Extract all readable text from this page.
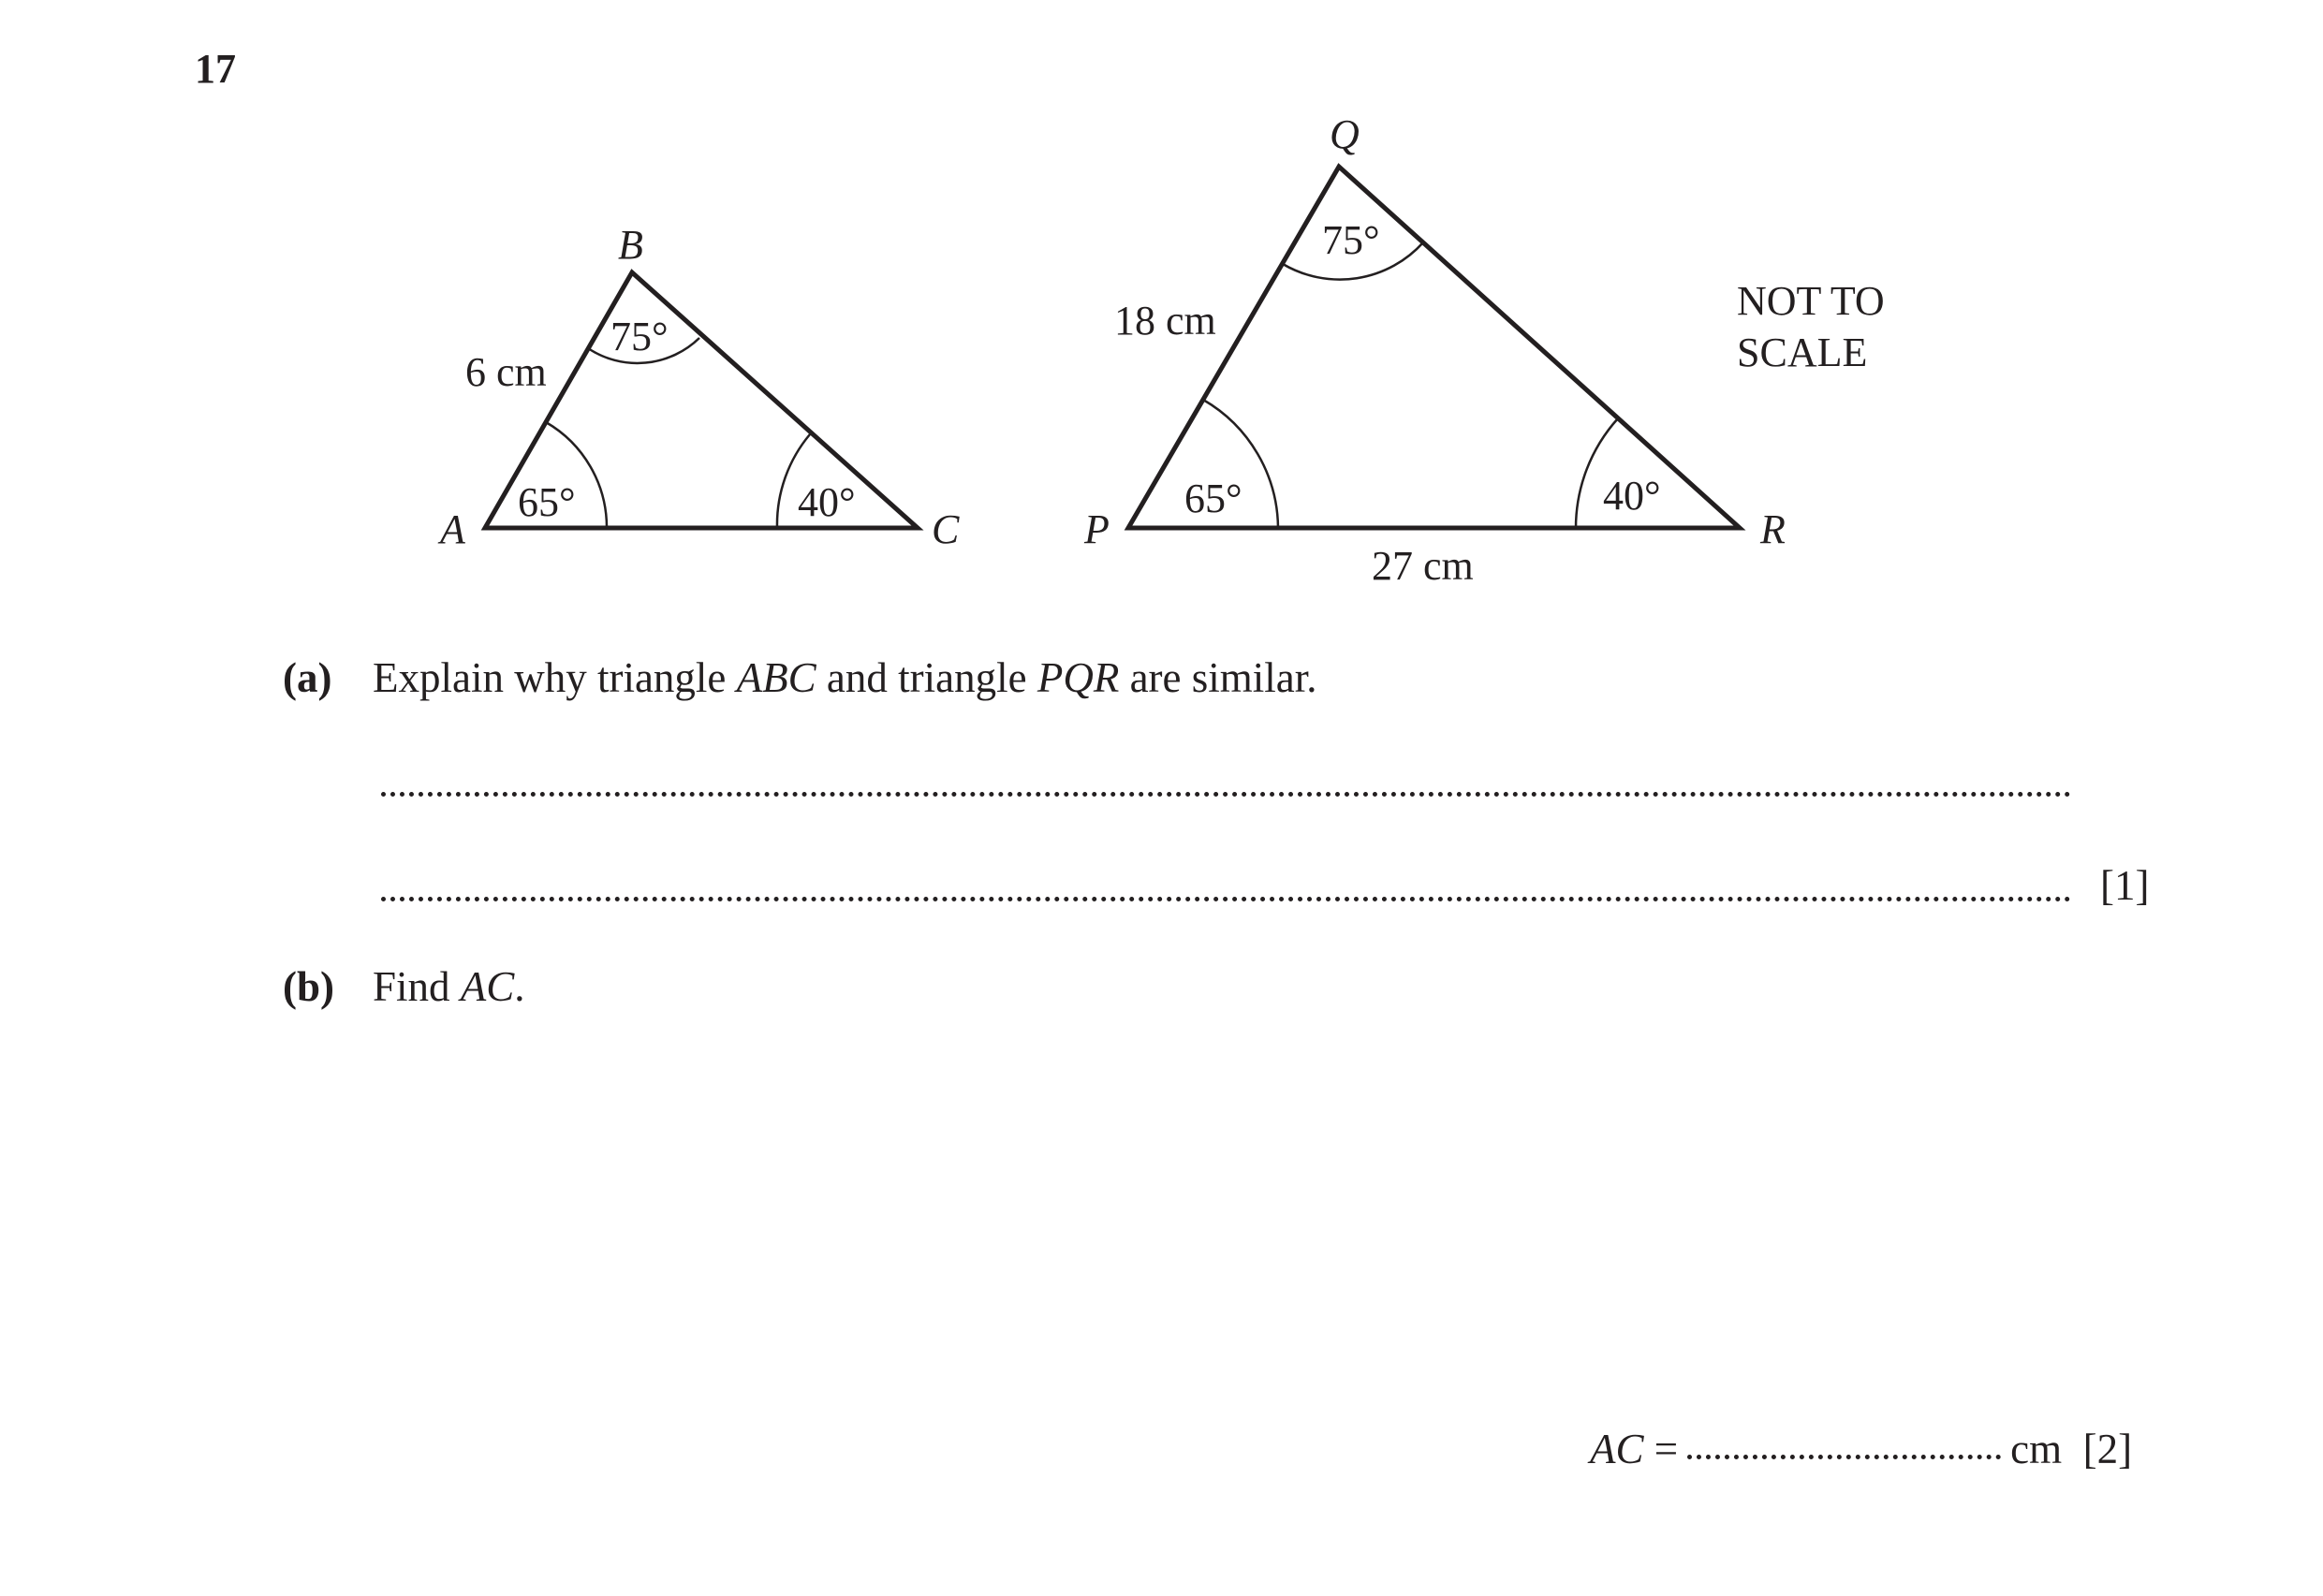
17
A
B
C
6 cm
65°
75°
40°
Q
P	R
18 cm
27 cm
65°
75°
40°
NOT TO
SCALE
(a) Explain why triangle ABC and triangle PQR are similar.
[1]
(b) Find AC.
AC =	cm [2]
